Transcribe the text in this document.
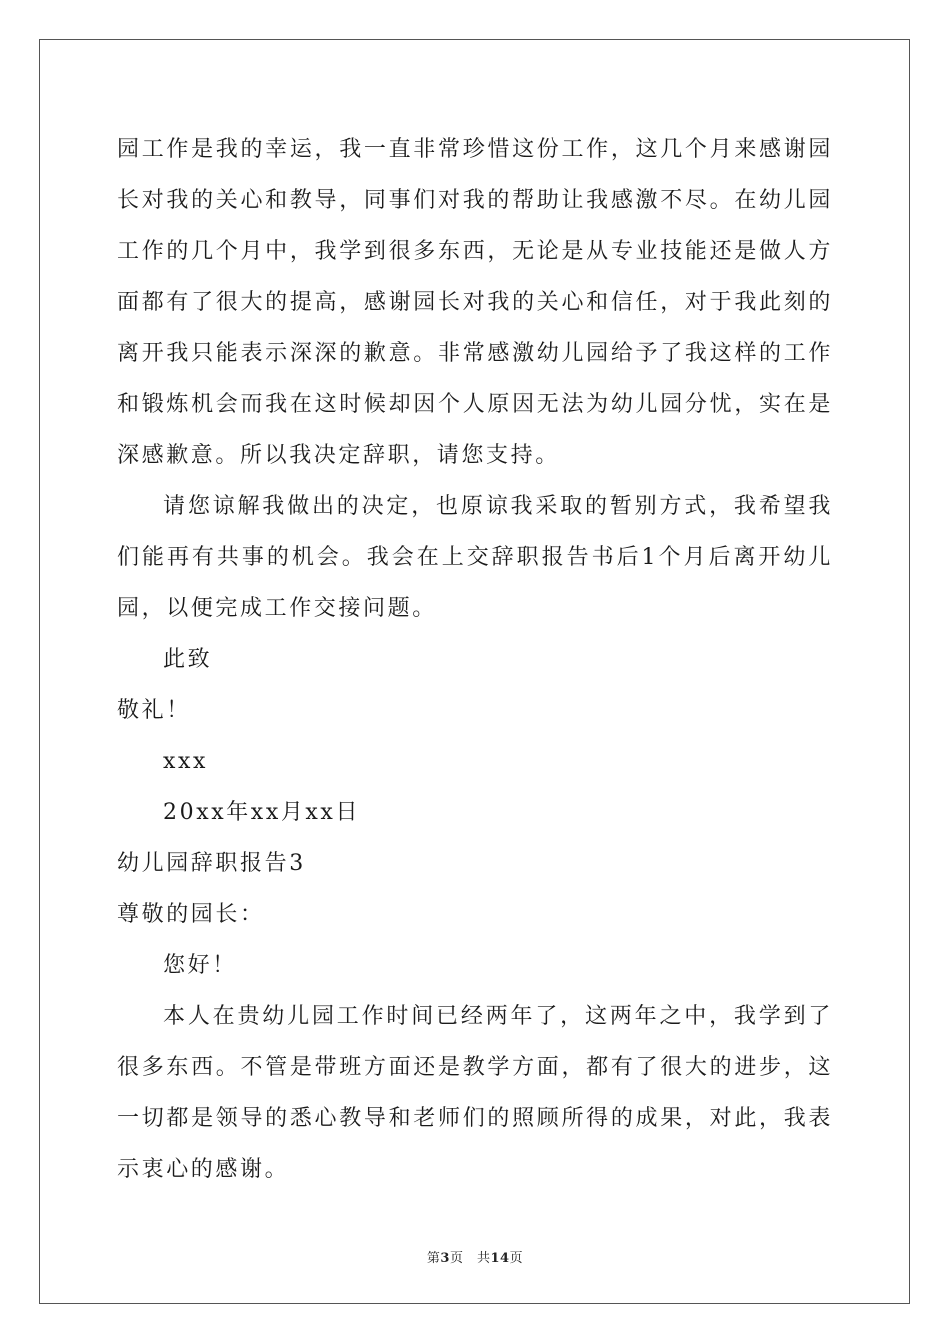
园工作是我的幸运，我一直非常珍惜这份工作，这几个月来感谢园长对我的关心和教导，同事们对我的帮助让我感激不尽。在幼儿园工作的几个月中，我学到很多东西，无论是从专业技能还是做人方面都有了很大的提高，感谢园长对我的关心和信任，对于我此刻的离开我只能表示深深的歉意。非常感激幼儿园给予了我这样的工作和锻炼机会而我在这时候却因个人原因无法为幼儿园分忧，实在是深感歉意。所以我决定辞职，请您支持。

请您谅解我做出的决定，也原谅我采取的暂别方式，我希望我们能再有共事的机会。我会在上交辞职报告书后1个月后离开幼儿园，以便完成工作交接问题。

此致

敬礼！

xxx

20xx年xx月xx日

幼儿园辞职报告3

尊敬的园长：

您好！

本人在贵幼儿园工作时间已经两年了，这两年之中，我学到了很多东西。不管是带班方面还是教学方面，都有了很大的进步，这一切都是领导的悉心教导和老师们的照顾所得的成果，对此，我表示衷心的感谢。

第3页　共14页
